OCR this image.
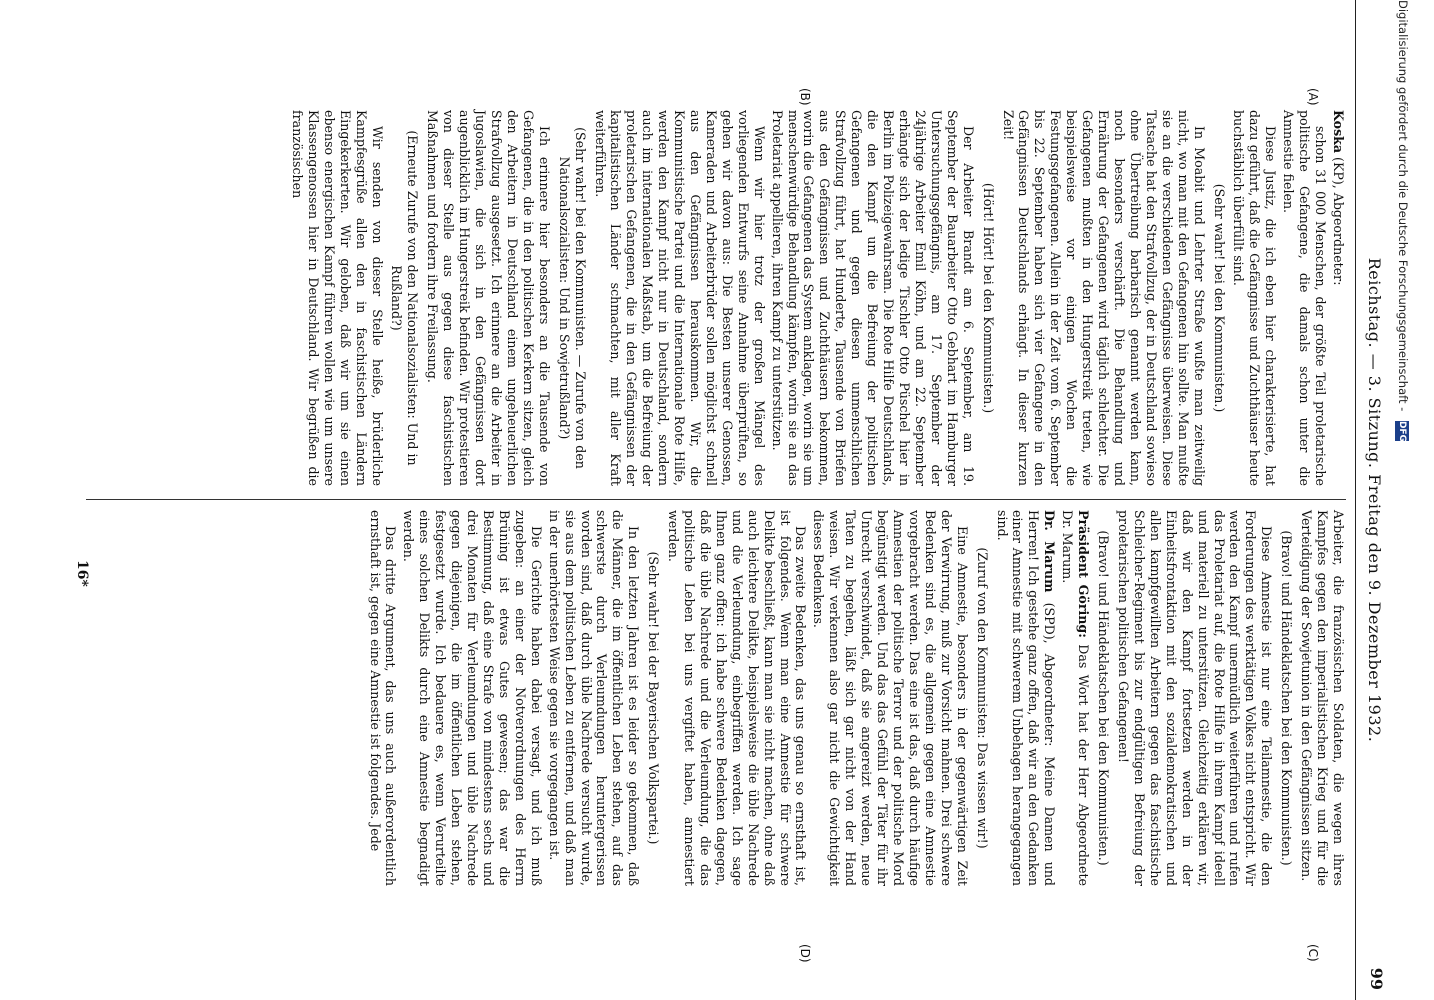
Reichstag. — 3. Sitzung. Freitag den 9. Dezember 1932.
99
(A)
(B)
(C)
(D)

Koska (KP), Abgeordneter:

schon 31 000 Menschen, der größte Teil proletarische politische Gefangene, die damals schon unter die Amnestie fielen.

Diese Justiz, die ich eben hier charakterisierte, hat dazu geführt, daß die Gefängnisse und Zuchthäuser heute buchstäblich überfüllt sind.

(Sehr wahr! bei den Kommunisten.)

In Moabit und Lehrter Straße wußte man zeitweilig nicht, wo man mit den Gefangenen hin sollte. Man mußte sie an die verschiedenen Gefängnisse überweisen. Diese Tatsache hat den Strafvollzug, der in Deutschland sowieso ohne Übertreibung barbarisch genannt werden kann, noch besonders verschärft. Die Behandlung und Ernährung der Gefangenen wird täglich schlechter. Die Gefangenen mußten in den Hungerstreik treten, wie beispielsweise vor einigen Wochen die Festungsgefangenen. Allein in der Zeit vom 6. September bis 22. September haben sich vier Gefangene in den Gefängnissen Deutschlands erhängt. In dieser kurzen Zeit!

(Hört! Hört! bei den Kommunisten.)

Der Arbeiter Brandt am 6. September, am 19. September der Bauarbeiter Otto Gebhart im Hamburger Untersuchungsgefängnis, am 17. September der 24jährige Arbeiter Emil Köhn, und am 22. September erhängte sich der ledige Tischler Otto Püschel hier in Berlin im Polizeigewahrsam. Die Rote Hilfe Deutschlands, die den Kampf um die Befreiung der politischen Gefangenen und gegen diesen unmenschlichen Strafvollzug führt, hat Hunderte, Tausende von Briefen aus den Gefängnissen und Zuchthäusern bekommen, worin die Gefangenen das System anklagen, worin sie um menschenwürdige Behandlung kämpfen, worin sie an das Proletariat appellieren, ihren Kampf zu unterstützen.

Wenn wir hier trotz der großen Mängel des vorliegenden Entwurfs seine Annahme überprüften, so gehen wir davon aus: Die Besten unserer Genossen, Kameraden und Arbeiterbrüder sollen möglichst schnell aus den Gefängnissen herauskommen. Wir, die Kommunistische Partei und die Internationale Rote Hilfe, werden den Kampf nicht nur in Deutschland, sondern auch im internationalen Maßstab, um die Befreiung der proletarischen Gefangenen, die in den Gefängnissen der kapitalistischen Länder schmachten, mit aller Kraft weiterführen.

(Sehr wahr! bei den Kommunisten. — Zurufe von den Nationalsozialisten: Und in Sowjetrußland?)

Ich erinnere hier besonders an die Tausende von Gefangenen, die in den politischen Kerkern sitzen, gleich den Arbeitern in Deutschland einem ungeheuerlichen Strafvollzug ausgesetzt. Ich erinnere an die Arbeiter in Jugoslawien, die sich in den Gefängnissen dort augenblicklich im Hungerstreik befinden. Wir protestieren von dieser Stelle aus gegen diese faschistischen Maßnahmen und fordern ihre Freilassung.

(Erneute Zurufe von den Nationalsozialisten: Und in Rußland?)

Wir senden von dieser Stelle heiße, brüderliche Kampfesgrüße allen den in faschistischen Ländern Eingekerkerten. Wir geloben, daß wir um sie einen ebenso energischen Kampf führen wollen wie um unsere Klassengenossen hier in Deutschland. Wir begrüßen die französischen

Arbeiter, die französischen Soldaten, die wegen ihres Kampfes gegen den imperialistischen Krieg und für die Verteidigung der Sowjetunion in den Gefängnissen sitzen.

(Bravo! und Händeklatschen bei den Kommunisten.)

Diese Amnestie ist nur eine Teilamnestie, die den Forderungen des werktätigen Volkes nicht entspricht. Wir werden den Kampf unermüdlich weiterführen und rufen das Proletariat auf, die Rote Hilfe in ihrem Kampf ideell und materiell zu unterstützen. Gleichzeitig erklären wir, daß wir den Kampf fortsetzen werden in der Einheitsfrontaktion mit den sozialdemokratischen und allen kampfgewillten Arbeitern gegen das faschistische Schleicher-Regiment bis zur endgültigen Befreiung der proletarischen politischen Gefangenen!

(Bravo! und Händeklatschen bei den Kommunisten.)

Präsident Göring: Das Wort hat der Herr Abgeordnete Dr. Marum.

Dr. Marum (SPD), Abgeordneter: Meine Damen und Herren! Ich gestehe ganz offen, daß wir an den Gedanken einer Amnestie mit schwerem Unbehagen herangegangen sind.

(Zuruf von den Kommunisten: Das wissen wir!)

Eine Amnestie, besonders in der gegenwärtigen Zeit der Verwirrung, muß zur Vorsicht mahnen. Drei schwere Bedenken sind es, die allgemein gegen eine Amnestie vorgebracht werden. Das eine ist das, daß durch häufige Amnestien der politische Terror und der politische Mord begünstigt werden. Und das das Gefühl der Täter für ihr Unrecht verschwindet, daß sie angereizt werden, neue Taten zu begehen, läßt sich gar nicht von der Hand weisen. Wir verkennen also gar nicht die Gewichtigkeit dieses Bedenkens.

Das zweite Bedenken, das uns genau so ernsthaft ist, ist folgendes. Wenn man eine Amnestie für schwere Delikte beschließt, kann man sie nicht machen, ohne daß auch leichtere Delikte, beispielsweise die üble Nachrede und die Verleumdung, einbegriffen werden. Ich sage Ihnen ganz offen: ich habe schwere Bedenken dagegen, daß die üble Nachrede und die Verleumdung, die das politische Leben bei uns vergiftet haben, amnestiert werden.

(Sehr wahr! bei der Bayerischen Volkspartei.)

In den letzten Jahren ist es leider so gekommen, daß die Männer, die im öffentlichen Leben stehen, auf das schwerste durch Verleumdungen heruntergerissen worden sind, daß durch üble Nachrede versucht wurde, sie aus dem politischen Leben zu entfernen, und daß man in der unerhörtesten Weise gegen sie vorgegangen ist.

Die Gerichte haben dabei versagt, und ich muß zugeben: an einer der Notverordnungen des Herrn Brüning ist etwas Gutes gewesen; das war die Bestimmung, daß eine Strafe von mindestens sechs und drei Monaten für Verleumdungen und üble Nachrede gegen diejenigen, die im öffentlichen Leben stehen, festgesetzt wurde. Ich bedauere es, wenn Verurteilte eines solchen Delikts durch eine Amnestie begnadigt werden.

Das dritte Argument, das uns auch außerordentlich ernsthaft ist, gegen eine Amnestie ist folgendes. Jede

16*
Digitalisierung gefördert durch die Deutsche Forschungsgemeinschaft - DFG
